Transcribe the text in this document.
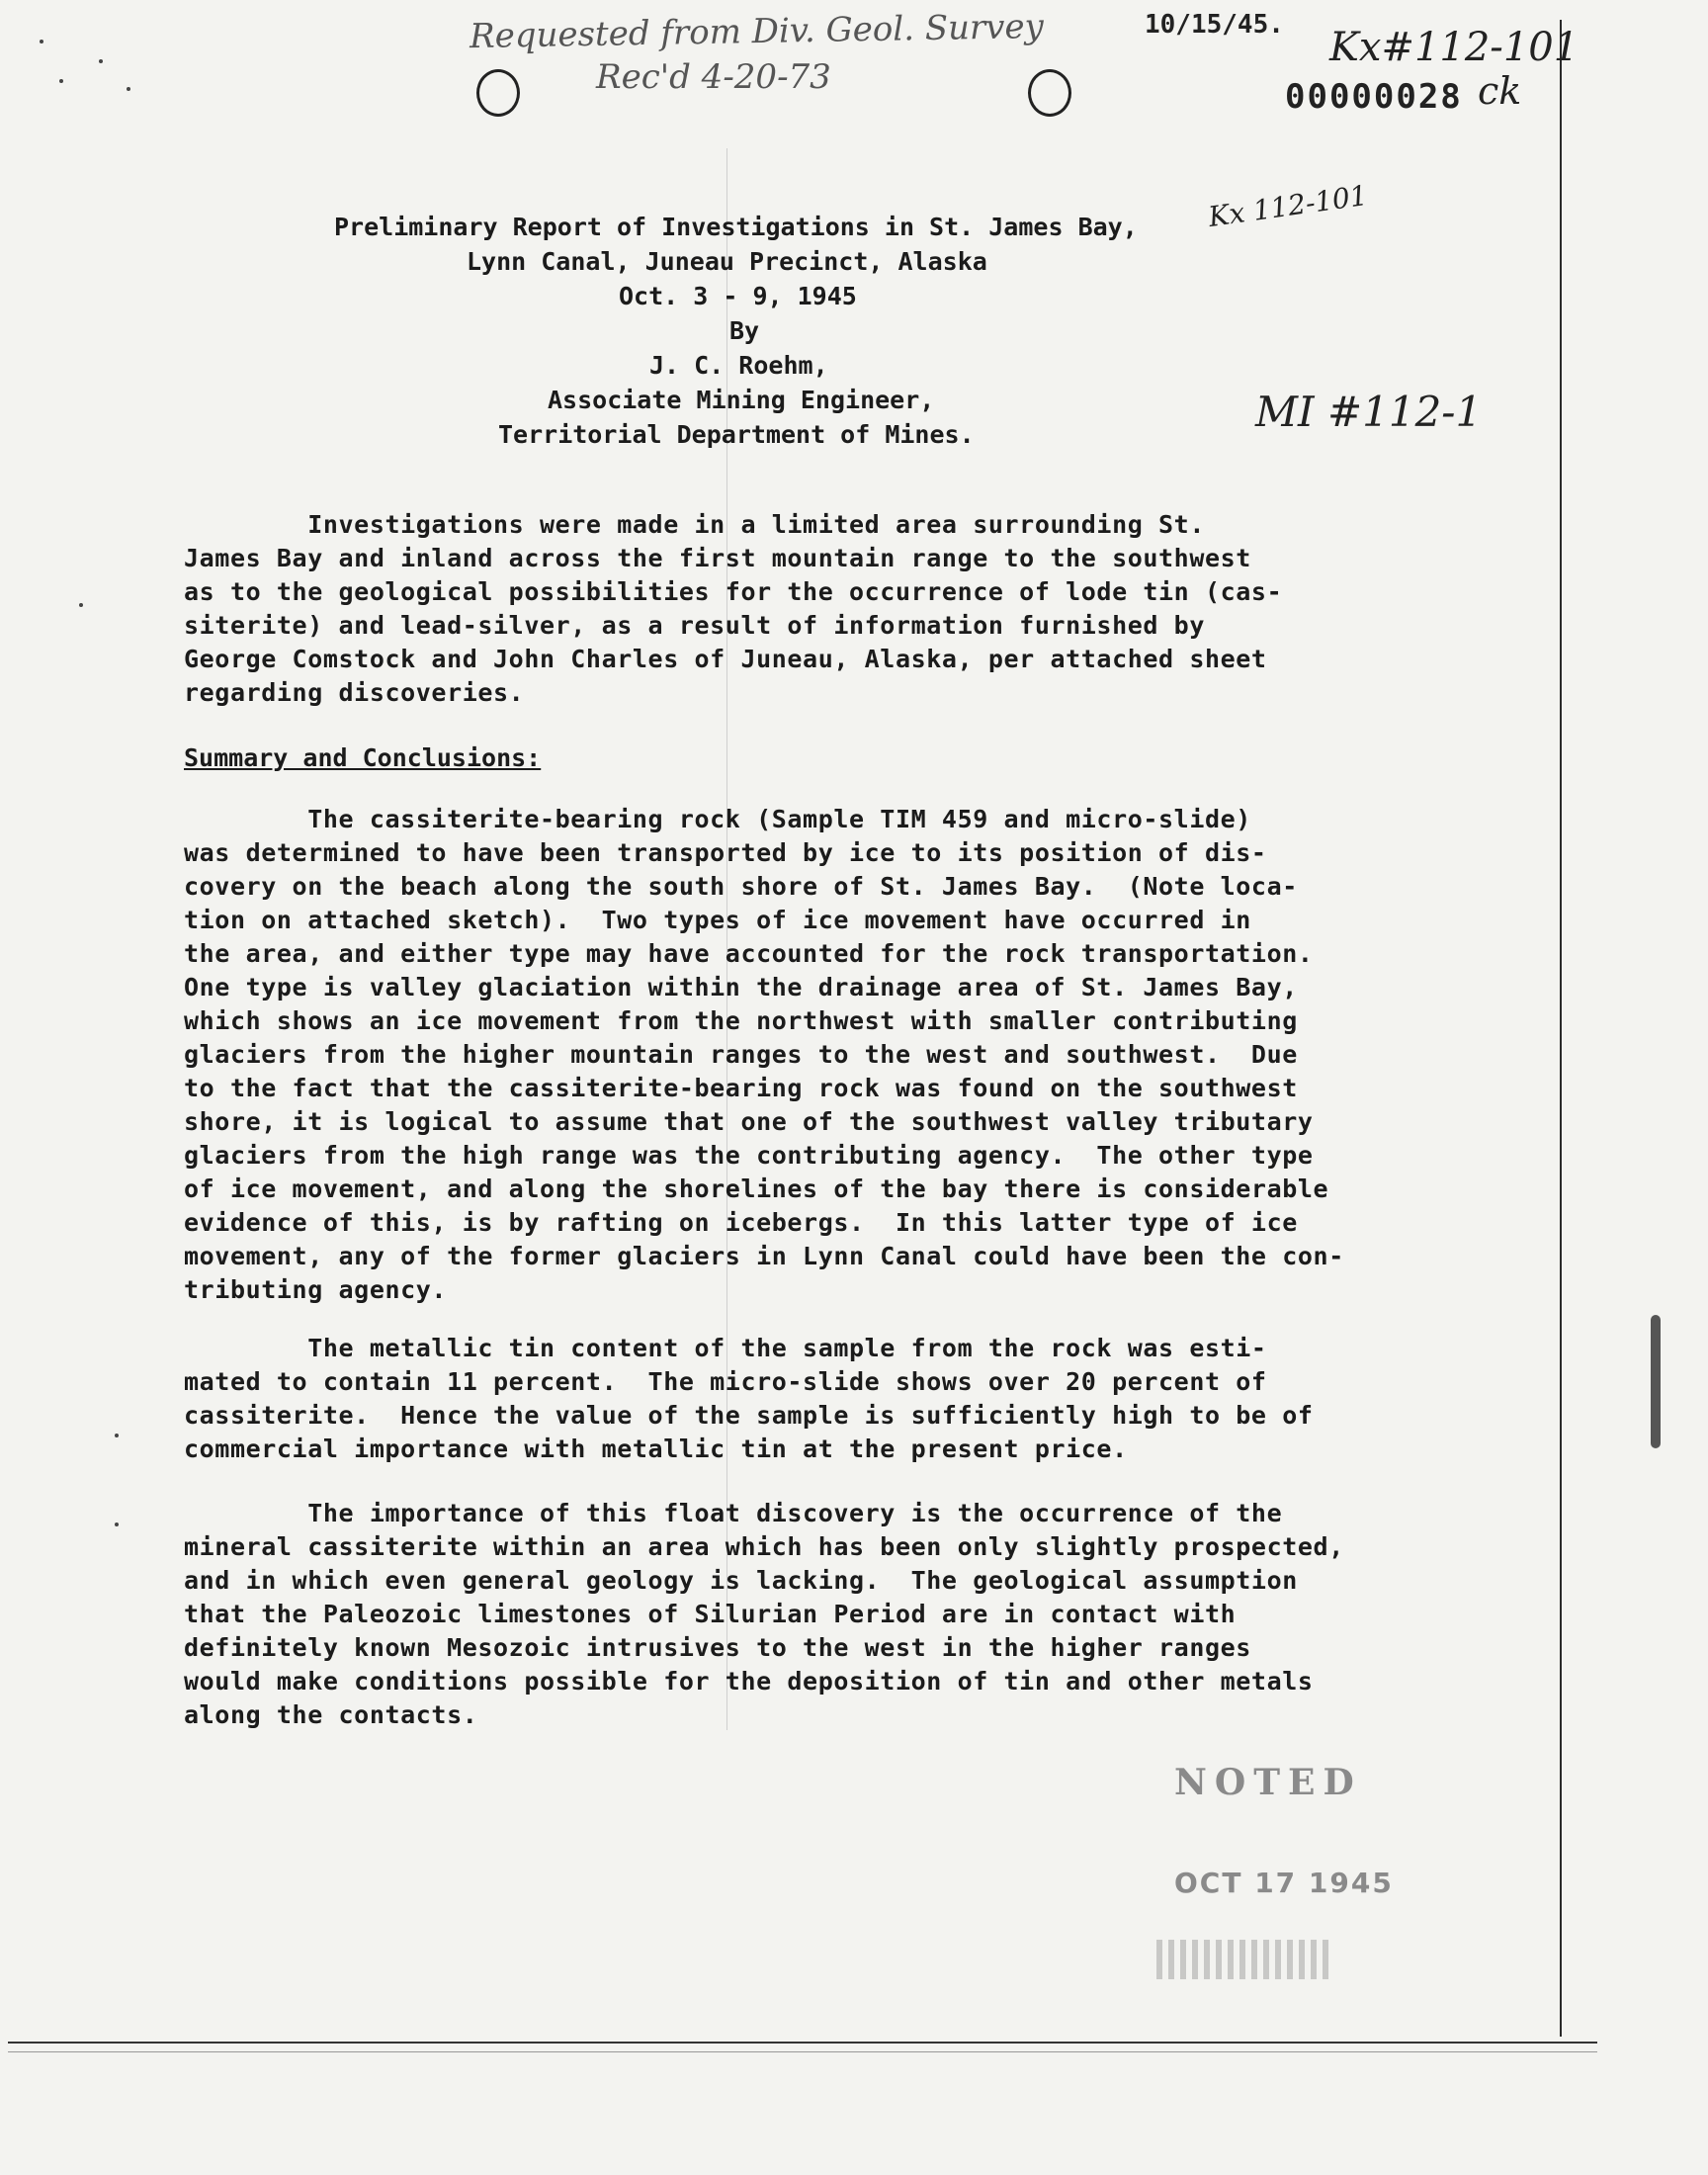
Requested from Div. Geol. Survey
Rec'd 4-20-73
10/15/45. Kx#112-101
00000028 ck
Preliminary Report of Investigations in St. James Bay,
Lynn Canal, Juneau Precinct, Alaska
Oct. 3 - 9, 1945
By
J. C. Roehm,
Associate Mining Engineer,
Territorial Department of Mines.
Kx 112-101
MI #112-1
Investigations were made in a limited area surrounding St.
James Bay and inland across the first mountain range to the southwest
as to the geological possibilities for the occurrence of lode tin (cas-
siterite) and lead-silver, as a result of information furnished by
George Comstock and John Charles of Juneau, Alaska, per attached sheet
regarding discoveries.
Summary and Conclusions:
The cassiterite-bearing rock (Sample TIM 459 and micro-slide)
was determined to have been transported by ice to its position of dis-
covery on the beach along the south shore of St. James Bay.  (Note loca-
tion on attached sketch).  Two types of ice movement have occurred in
the area, and either type may have accounted for the rock transportation.
One type is valley glaciation within the drainage area of St. James Bay,
which shows an ice movement from the northwest with smaller contributing
glaciers from the higher mountain ranges to the west and southwest.  Due
to the fact that the cassiterite-bearing rock was found on the southwest
shore, it is logical to assume that one of the southwest valley tributary
glaciers from the high range was the contributing agency.  The other type
of ice movement, and along the shorelines of the bay there is considerable
evidence of this, is by rafting on icebergs.  In this latter type of ice
movement, any of the former glaciers in Lynn Canal could have been the con-
tributing agency.
The metallic tin content of the sample from the rock was esti-
mated to contain 11 percent.  The micro-slide shows over 20 percent of
cassiterite.  Hence the value of the sample is sufficiently high to be of
commercial importance with metallic tin at the present price.
The importance of this float discovery is the occurrence of the
mineral cassiterite within an area which has been only slightly prospected,
and in which even general geology is lacking.  The geological assumption
that the Paleozoic limestones of Silurian Period are in contact with
definitely known Mesozoic intrusives to the west in the higher ranges
would make conditions possible for the deposition of tin and other metals
along the contacts.
NOTED
OCT 17 1945
